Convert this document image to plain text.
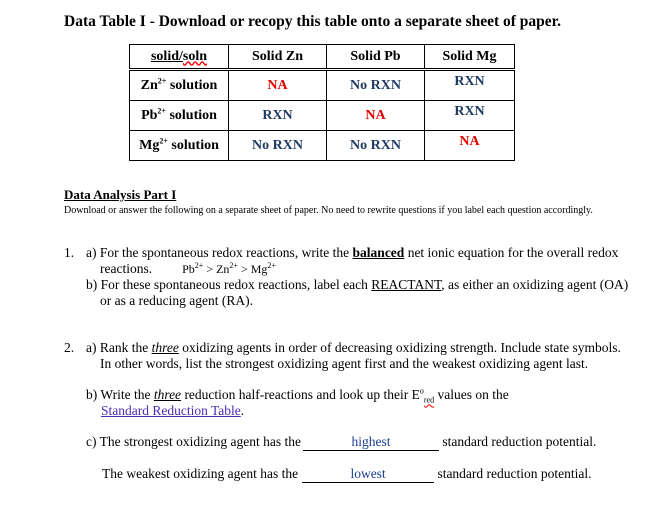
Data Table I - Download or recopy this table onto a separate sheet of paper.
solid/soln	Solid Zn	Solid Pb	Solid Mg
$Zn^{2+}$ solution	NA	No RXN	RXN
$Pb^{2+}$ solution	RXN	NA	RXN
$Mg^{2+}$ solution	No RXN	No RXN	NA
Data Analysis Part I
Download or answer the following on a separate sheet of paper. No need to rewrite questions if you label each question accordingly.
1. a) For the spontaneous redox reactions, write the balanced net ionic equation for the overall redox
reactions.	$Pb^{2+} > Zn^{2+} > Mg^{2+}$
b) For these spontaneous redox reactions, label each REACTANT, as either an oxidizing agent (OA)
or as a reducing agent (RA).
2. a) Rank the three oxidizing agents in order of decreasing oxidizing strength. Include state symbols.
In other words, list the strongest oxidizing agent first and the weakest oxidizing agent last.
b) Write the three reduction half-reactions and look up their $E^o_{red}$ values on the
Standard Reduction Table.
c) The strongest oxidizing agent has the	highest	standard reduction potential.
The weakest oxidizing agent has the	lowest	standard reduction potential.
